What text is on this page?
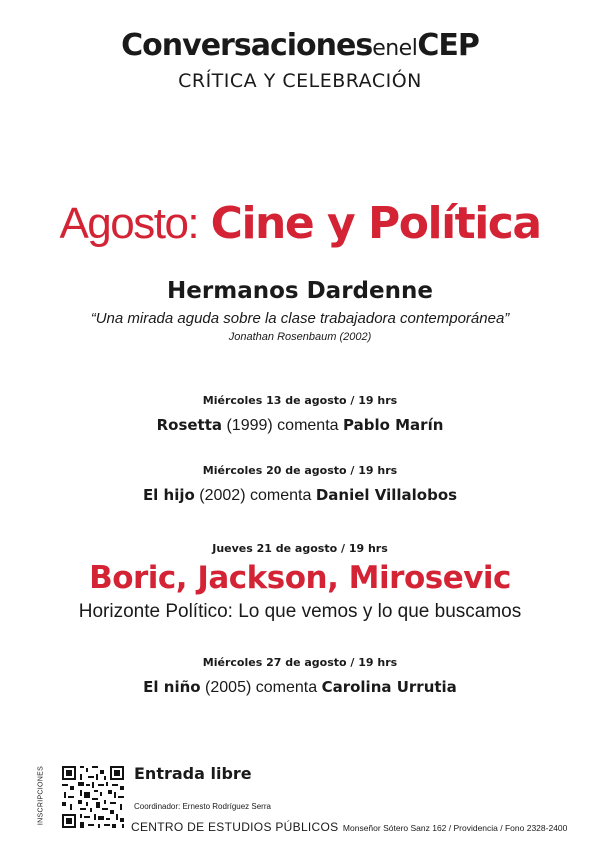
ConversacionesenelCEP
CRÍTICA Y CELEBRACIÓN
Agosto: Cine y Política
Hermanos Dardenne
“Una mirada aguda sobre la clase trabajadora contemporánea”
Jonathan Rosenbaum (2002)
Miércoles 13 de agosto / 19 hrs
Rosetta (1999) comenta Pablo Marín
Miércoles 20 de agosto / 19 hrs
El hijo (2002) comenta Daniel Villalobos
Jueves 21 de agosto / 19 hrs
Boric, Jackson, Mirosevic
Horizonte Político: Lo que vemos y lo que buscamos
Miércoles 27 de agosto / 19 hrs
El niño (2005) comenta Carolina Urrutia
INSCRIPCIONES	Entrada libre
Coordinador: Ernesto Rodríguez Serra
CENTRO DE ESTUDIOS PÚBLICOS Monseñor Sótero Sanz 162 / Providencia / Fono 2328-2400
